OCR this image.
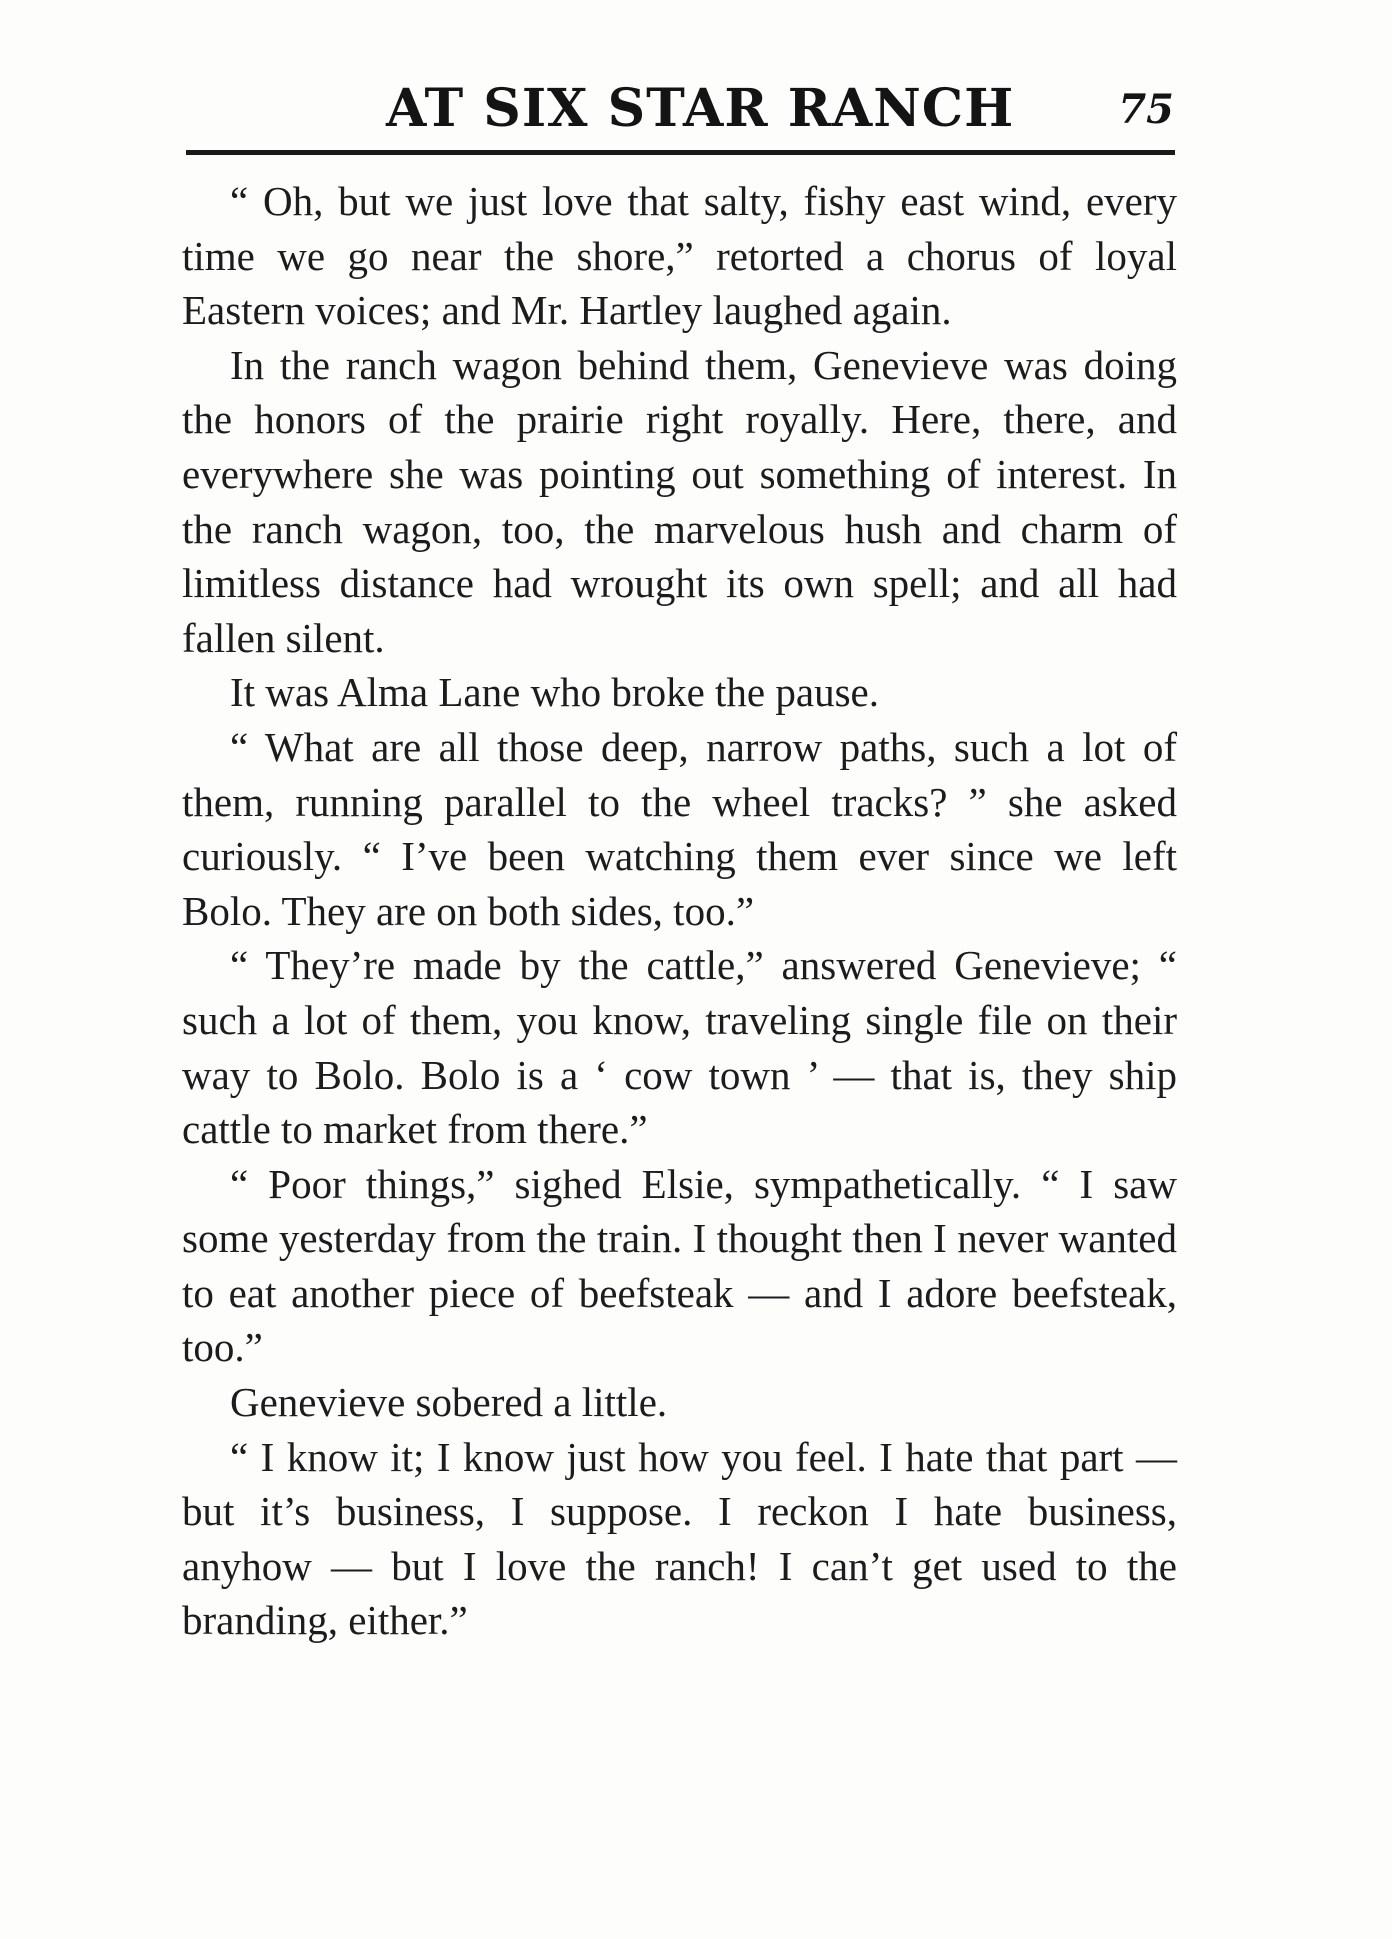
AT SIX STAR RANCH	75

“ Oh, but we just love that salty, fishy east wind, every time we go near the shore,” retorted a chorus of loyal Eastern voices; and Mr. Hartley laughed again.

In the ranch wagon behind them, Genevieve was doing the honors of the prairie right royally. Here, there, and everywhere she was pointing out something of interest. In the ranch wagon, too, the marvelous hush and charm of limitless distance had wrought its own spell; and all had fallen silent.

It was Alma Lane who broke the pause.

“ What are all those deep, narrow paths, such a lot of them, running parallel to the wheel tracks? ” she asked curiously. “ I’ve been watching them ever since we left Bolo. They are on both sides, too.”

“ They’re made by the cattle,” answered Genevieve; “ such a lot of them, you know, traveling single file on their way to Bolo. Bolo is a ‘ cow town ’ — that is, they ship cattle to market from there.”

“ Poor things,” sighed Elsie, sympathetically. “ I saw some yesterday from the train. I thought then I never wanted to eat another piece of beefsteak — and I adore beefsteak, too.”

Genevieve sobered a little.

“ I know it; I know just how you feel. I hate that part — but it’s business, I suppose. I reckon I hate business, anyhow — but I love the ranch! I can’t get used to the branding, either.”
